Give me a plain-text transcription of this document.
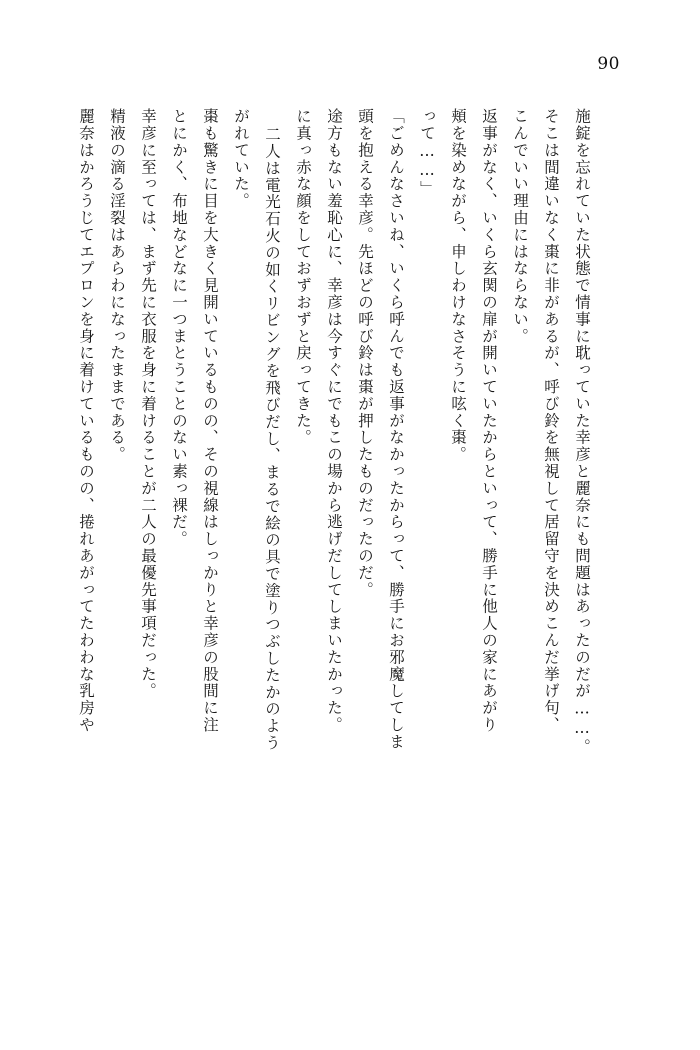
90
麗奈はかろうじてエプロンを身に着けているものの、捲れあがってたわわな乳房や 精液の滴る淫裂はあらわになったままである。 幸彦に至っては、まず先に衣服を身に着けることが二人の最優先事項だった。 とにかく、布地などなに一つまとうことのない素っ裸だ。 棗も驚きに目を大きく見開いているものの、その視線はしっかりと幸彦の股間に注 がれていた。 二人は電光石火の如くリビングを飛びだし、まるで絵の具で塗りつぶしたかのよう に真っ赤な顔をしておずおずと戻ってきた。 途方もない羞恥心に、幸彦は今すぐにでもこの場から逃げだしてしまいたかった。 頭を抱える幸彦。先ほどの呼び鈴は棗が押したものだったのだ。 「ごめんなさいね、いくら呼んでも返事がなかったからって、勝手にお邪魔してしま って……」 頬を染めながら、申しわけなさそうに呟く棗。 返事がなく、いくら玄関の扉が開いていたからといって、勝手に他人の家にあがり こんでいい理由にはならない。 そこは間違いなく棗に非があるが、呼び鈴を無視して居留守を決めこんだ挙げ句、 施錠を忘れていた状態で情事に耽っていた幸彦と麗奈にも問題はあったのだが……。
